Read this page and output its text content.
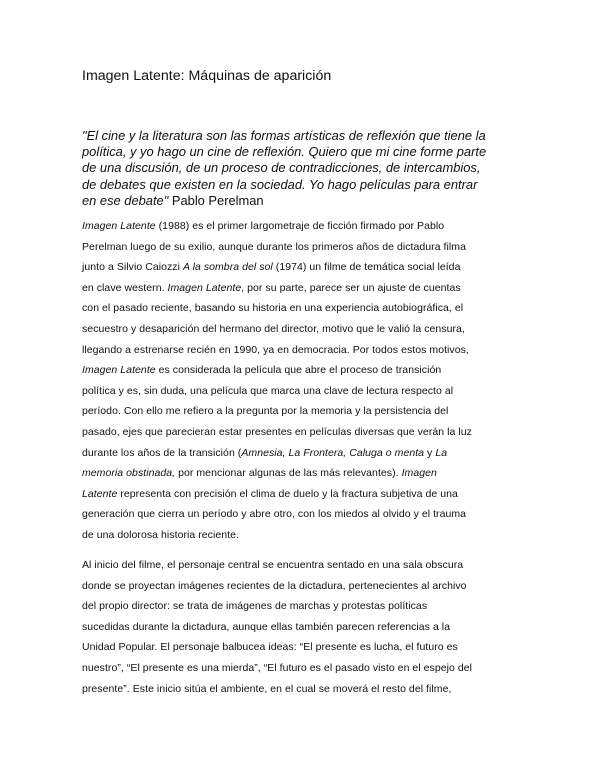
Imagen Latente: Máquinas de aparición
"El cine y la literatura son las formas artísticas de reflexión que tiene la
política, y yo hago un cine de reflexión. Quiero que mi cine forme parte
de una discusión, de un proceso de contradicciones, de intercambios,
de debates que existen en la sociedad. Yo hago películas para entrar
en ese debate" Pablo Perelman
Imagen Latente (1988) es el primer largometraje de ficción firmado por Pablo
Perelman luego de su exilio, aunque durante los primeros años de dictadura filma
junto a Silvio Caiozzi A la sombra del sol (1974) un filme de temática social leída
en clave western. Imagen Latente, por su parte, parece ser un ajuste de cuentas
con el pasado reciente, basando su historia en una experiencia autobiográfica, el
secuestro y desaparición del hermano del director, motivo que le valió la censura,
llegando a estrenarse recién en 1990, ya en democracia. Por todos estos motivos,
Imagen Latente es considerada la película que abre el proceso de transición
política y es, sin duda, una película que marca una clave de lectura respecto al
período. Con ello me refiero a la pregunta por la memoria y la persistencia del
pasado, ejes que parecieran estar presentes en películas diversas que verán la luz
durante los años de la transición (Amnesia, La Frontera, Caluga o menta y La
memoria obstinada, por mencionar algunas de las más relevantes). Imagen
Latente representa con precisión el clima de duelo y la fractura subjetiva de una
generación que cierra un período y abre otro, con los miedos al olvido y el trauma
de una dolorosa historia reciente.
Al inicio del filme, el personaje central se encuentra sentado en una sala obscura
donde se proyectan imágenes recientes de la dictadura, pertenecientes al archivo
del propio director: se trata de imágenes de marchas y protestas políticas
sucedidas durante la dictadura, aunque ellas también parecen referencias a la
Unidad Popular. El personaje balbucea ideas: “El presente es lucha, el futuro es
nuestro”, “El presente es una mierda”, “El futuro es el pasado visto en el espejo del
presente”. Este inicio sitúa el ambiente, en el cual se moverá el resto del filme,
